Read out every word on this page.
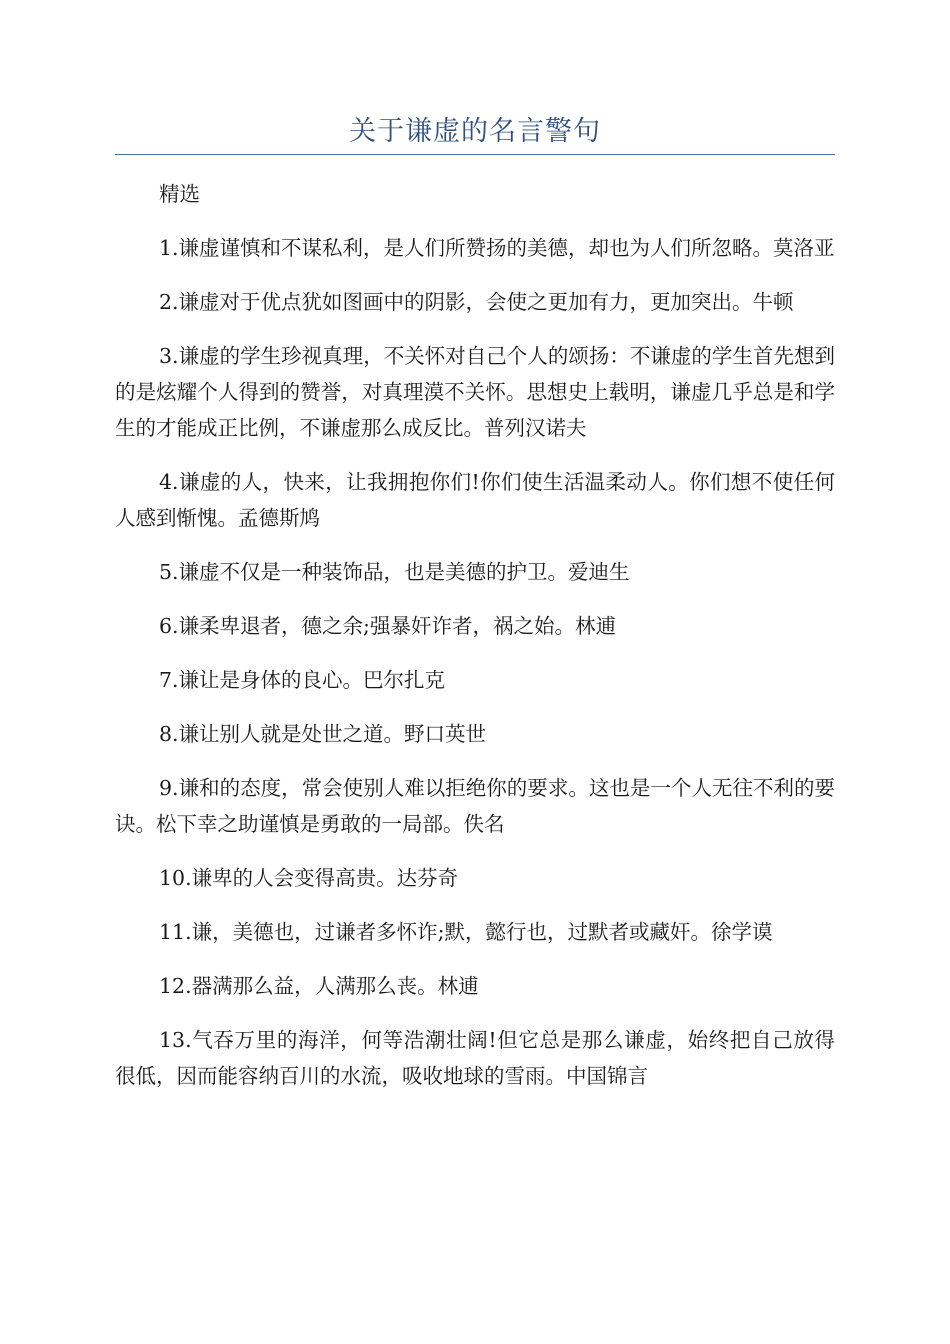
关于谦虚的名言警句

精选

1.谦虚谨慎和不谋私利，是人们所赞扬的美德，却也为人们所忽略。莫洛亚

2.谦虚对于优点犹如图画中的阴影，会使之更加有力，更加突出。牛顿

3.谦虚的学生珍视真理，不关怀对自己个人的颂扬：不谦虚的学生首先想到的是炫耀个人得到的赞誉，对真理漠不关怀。思想史上载明，谦虚几乎总是和学生的才能成正比例，不谦虚那么成反比。普列汉诺夫

4.谦虚的人，快来，让我拥抱你们!你们使生活温柔动人。你们想不使任何人感到惭愧。孟德斯鸠

5.谦虚不仅是一种装饰品，也是美德的护卫。爱迪生

6.谦柔卑退者，德之余;强暴奸诈者，祸之始。林逋

7.谦让是身体的良心。巴尔扎克

8.谦让别人就是处世之道。野口英世

9.谦和的态度，常会使别人难以拒绝你的要求。这也是一个人无往不利的要诀。松下幸之助谨慎是勇敢的一局部。佚名

10.谦卑的人会变得高贵。达芬奇

11.谦，美德也，过谦者多怀诈;默，懿行也，过默者或藏奸。徐学谟

12.器满那么益，人满那么丧。林逋

13.气吞万里的海洋，何等浩潮壮阔!但它总是那么谦虚，始终把自己放得很低，因而能容纳百川的水流，吸收地球的雪雨。中国锦言
